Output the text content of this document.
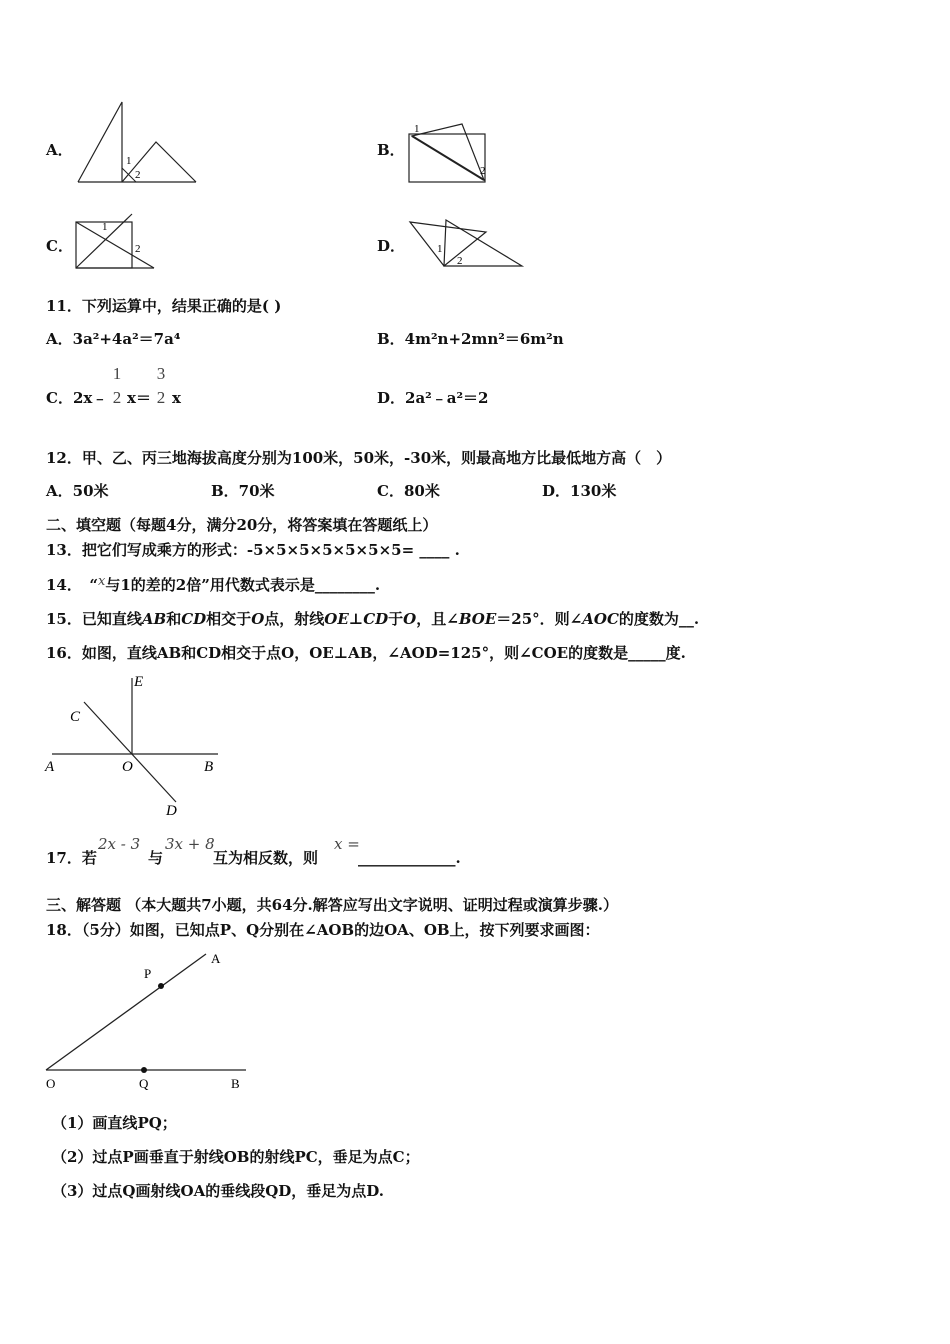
A．
1
2
B．
1
2
C．
1
2	D．	1
2
11．下列运算中，结果正确的是( )
A．3a²+4a²＝7a⁴	B．4m²n+2mn²＝6m²n
C．2x﹣
1
2 x＝
3
2 x	D．2a²﹣a²＝2
12．甲、乙、丙三地海拔高度分别为100米，50米，-30米，则最高地方比最低地方高（　）
A．50米	B．70米	C．80米	D．130米
二、填空题（每题4分，满分20分，将答案填在答题纸上）
13．把它们写成乘方的形式：-5×5×5×5×5×5×5= ____ .
14．　“x与1的差的2倍”用代数式表示是________.
15．已知直线AB和CD相交于O点，射线OE⊥CD于O，且∠BOE＝25°．则∠AOC的度数为__.
16．如图，直线AB和CD相交于点O，OE⊥AB，∠AOD=125°，则∠COE的度数是_____度.
E
C
A	O	B
D
17．若
2x - 3
与
3x + 8
互为相反数，则
x =
_____________.
三、解答题 （本大题共7小题，共64分.解答应写出文字说明、证明过程或演算步骤.）
18．（5分）如图，已知点P、Q分别在∠AOB的边OA、OB上，按下列要求画图：
A
P
O	Q	B
（1）画直线PQ；
（2）过点P画垂直于射线OB的射线PC，垂足为点C；
（3）过点Q画射线OA的垂线段QD，垂足为点D.
